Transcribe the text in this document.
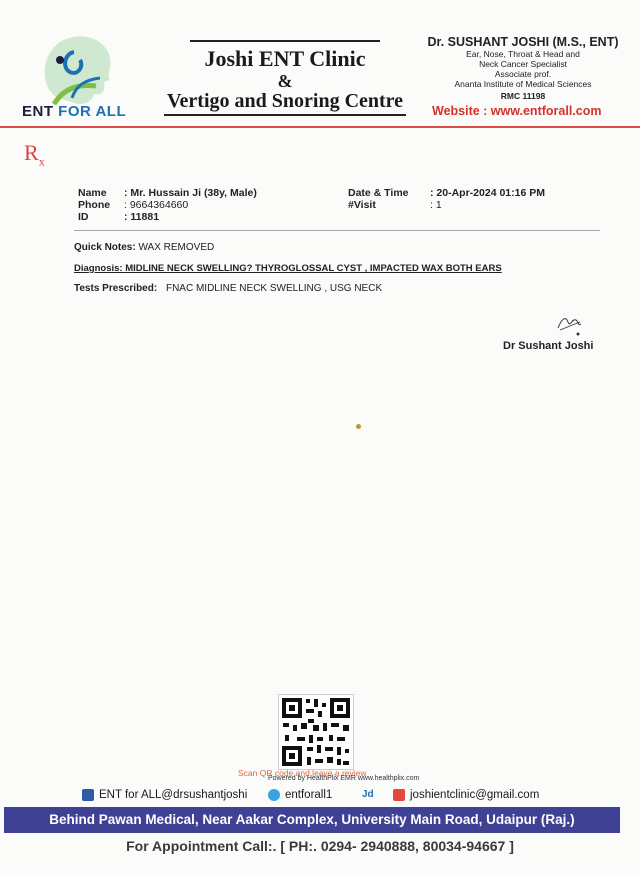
ENT FOR ALL
Joshi ENT Clinic
&
Vertigo and Snoring Centre
Dr. SUSHANT JOSHI (M.S., ENT)
Ear, Nose, Throat & Head and
Neck Cancer Specialist
Associate prof.
Ananta Institute of Medical Sciences
RMC 11198
Website : www.entforall.com
$R_x$
Name : Mr. Hussain Ji (38y, Male)
Phone : 9664364660
ID	: 11881
Date & Time : 20-Apr-2024 01:16 PM
#Visit	: 1
Quick Notes: WAX REMOVED
Diagnosis: MIDLINE NECK SWELLING? THYROGLOSSAL CYST , IMPACTED WAX BOTH EARS
Tests Prescribed: FNAC MIDLINE NECK SWELLING , USG NECK
Dr Sushant Joshi
Scan QR code and leave a review
Powered by HealthPlix EMR www.healthplix.com
ENT for ALL@drsushantjoshi	entforall1	Jd	joshientclinic@gmail.com
Behind Pawan Medical, Near Aakar Complex, University Main Road, Udaipur (Raj.)
For Appointment Call:. [ PH:. 0294- 2940888, 80034-94667 ]
